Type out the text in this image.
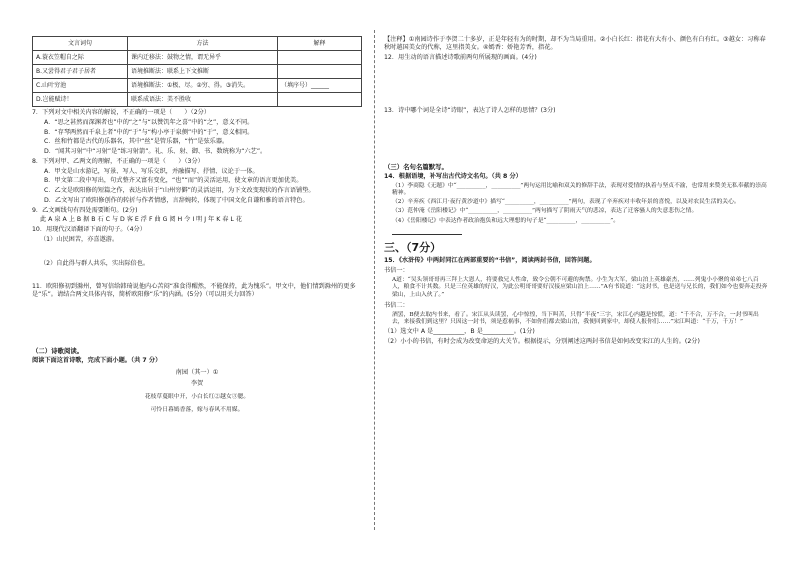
文言词句	方法	解释
A.蓑衣笠帽自之际	课内迁移法：鼓物之情，谓无异乎	
B.又尝得君子君子居者	语境推断法：联系上下文推断	
C.山叶穷池	语境推断法：①极、尽。②穷、得。③消失。	（填序号）______
D.岂能赋诗！	联系成语法：美不胜收	
7．下列对文中相关内容的解说，不正确的一项是（　　）（2分）
A．“思之甚然而深渊者也”中的“之”与“以赞饥年之喜”中的“之”，意义不同。
B．“存琴两然而千泉上者”中的“于”与“构小亭于泉侧”中的“于”，意义相同。
C．丝和竹都是古代的乐器名，其中“丝”是管乐器，“竹”是弦乐器。
D．“闻其习射”中“习射”是“练习射箭”。礼、乐、射、御、书、数统称为“六艺”。
8．下列对甲、乙两文的理解，不正确的一项是（　　）（3分）
A．甲文是山水游记，写景、写人、写乐交织，并融描写、抒情、议论于一体。
B．甲文第二段中写出，句式整齐又富有变化，“也”“而”的灵活运用，使文章的语言更加优美。
C．乙文是欧阳修的短篇之作，表达出居于“山州穷僻”的灵活运用，为下文改变现状的作言语铺垫。
D．乙文写出了欧阳修创作的转折与作者情感，言辞婉转，体现了中国文化自谦和雅的语言特色。
9．乙文画线句有四处需要断句。(2分)
此 A 泉 A 上 B 据 B 石 C 与 D 客 E 浮 F 曲 G 阅 H 令 I 明 J 年 K 春 L 花
10．用现代汉语翻译下面的句子。（4分）
（1）山民困苦，亦喜遨游。
（2）自此得与群人共乐，实出际倍也。
11．欧阳修初到滁州，曾写信给韩琦说他内心苦闷“准食得醒然，不能保持，此为愧乐”。甲文中，他们情到滁州的更多是“乐”。请结合两文具体内容，简析欧阳修“乐”的内涵。(5分)（可以用关力回答）
（二）诗歌阅读。
阅读下面这首诗歌，完成下面小题。（共 7 分）
南园（其一）①
李贺
花枝草蔓眼中开，小白长红②越女③腮。
可怜日暮嫣香落，嫁与春风不用媒。
【注释】①南园诗作于李贺二十多岁，正是年轻有为的时期，却不为当局重用。②小白长红：指花有大有小、颜色有白有红。③越女：习称春秋时越国美女的代称，这里指美女。④嫣香：娇艳芳香，指花。
12．用生动的语言描述诗歌前两句所展现的画面。(4分)
13．诗中哪个词是全诗“诗眼”，表达了诗人怎样的思情？(3分)
（三）名句名篇默写。
14．根据语境，补写出古代诗文名句。（共 8 分）
（1）李商隐《无题》中“__________，__________”两句运用比喻和双关的修辞手法，表现对爱情的执着与坚贞不渝，也常用来赞美无私奉献的崇高精神。
（2）辛弃疾《西江月·夜行黄沙道中》描写“__________，__________”两句，表现了辛弃疾对丰收年景的喜悦，以及对农民生活的关心。
（3）范仲淹《岳阳楼记》中“__________，__________”两句描写了阴雨天气的悲凉，表达了迁客骚人的失意悲伤之情。
（4）《岳阳楼记》中表达作者政治抱负和远大理想的句子是“__________，__________”。
三、（7分）
15．《水浒传》中两封同江在两部重要的“书信”，阅读两封书信，回答问题。
书信一：
A道：“吴头领哥哥再三拜上大恩人，将要救兄人性命，致令公朝不可避的拘禁。小生为大军，梁山泊上英雄豪杰，……列鬼小小聚的弟弟七八百人，粮食不计其数。只是三位英雄的好汉，为此公明哥哥要好汉接应梁山泊上……”A有书说道：“这封书，也是送与兄长的，我们如今也要奔走投奔梁山，上山入伙了。”
书信二：
酒罢，B便去取内书来，看了。宋江从头读罢，心中惊惶，当下叫苦，只得“半夜”三字，宋江心内越是惊慌，道：“千不合，万不合，一封书叫出去，来接我们到这里？只因这一封书，须是惹祸事，不如你们都去梁山泊，我便回到家中，却使人报你们……”宋江叫道：“千万，千万！”
（1）选文中 A 是__________，B 是__________。(1分)
（2）小小的书信，有时会成为改变命运的大关节。根据提示，分别阐述这两封书信是如何改变宋江的人生的。(2分)
